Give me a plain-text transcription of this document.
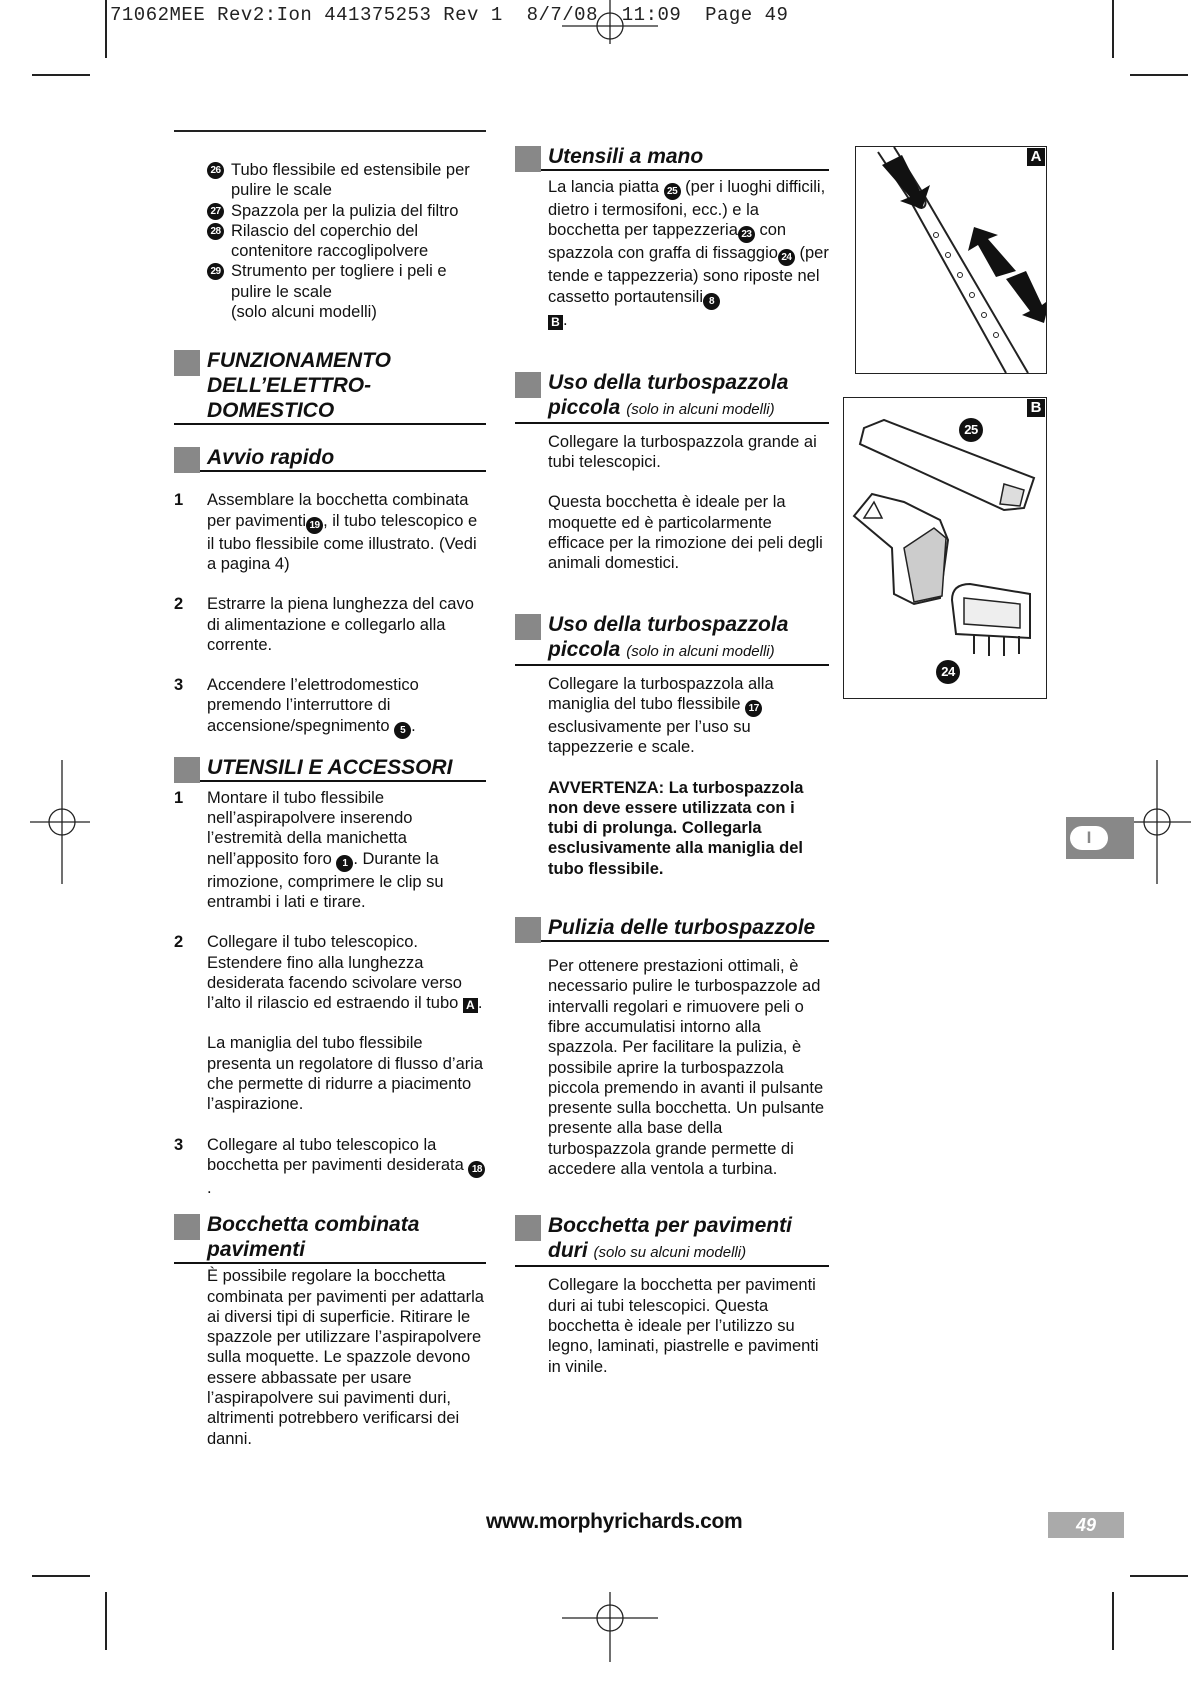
71062MEE Rev2:Ion 441375253 Rev 1  8/7/08  11:09  Page 49
26 Tubo flessibile ed estensibile per pulire le scale
27 Spazzola per la pulizia del filtro
28 Rilascio del coperchio del contenitore raccoglipolvere
29 Strumento per togliere i peli e pulire le scale
(solo alcuni modelli)
FUNZIONAMENTO
DELL’ELETTRO-
DOMESTICO
Avvio rapido
1 Assemblare la bocchetta combinata per pavimenti 19 , il tubo telescopico e il tubo flessibile come illustrato. (Vedi a pagina 4)
2 Estrarre la piena lunghezza del cavo di alimentazione e collegarlo alla corrente.
3 Accendere l’elettrodomestico premendo l’interruttore di accensione/spegnimento 5 .
UTENSILI E ACCESSORI
1 Montare il tubo flessibile nell’aspirapolvere inserendo l’estremità della manichetta nell’apposito foro 1 . Durante la rimozione, comprimere le clip su entrambi i lati e tirare.
2 Collegare il tubo telescopico. Estendere fino alla lunghezza desiderata facendo scivolare verso l’alto il rilascio ed estraendo il tubo A .
La maniglia del tubo flessibile presenta un regolatore di flusso d’aria che permette di ridurre a piacimento l’aspirazione.
3 Collegare al tubo telescopico la bocchetta per pavimenti desiderata 18.
Bocchetta combinata
pavimenti
È possibile regolare la bocchetta combinata per pavimenti per adattarla ai diversi tipi di superficie. Ritirare le spazzole per utilizzare l’aspirapolvere sulla moquette. Le spazzole devono essere abbassate per usare l’aspirapolvere sui pavimenti duri, altrimenti potrebbero verificarsi dei danni.
Utensili a mano
La lancia piatta 25 (per i luoghi difficili, dietro i termosifoni, ecc.) e la bocchetta per tappezzeria 23 con spazzola con graffa di fissaggio 24 (per tende e tappezzeria) sono riposte nel cassetto portautensili 8
B .
Uso della turbospazzola
piccola (solo in alcuni modelli)
Collegare la turbospazzola grande ai tubi telescopici.
Questa bocchetta è ideale per la moquette ed è particolarmente efficace per la rimozione dei peli degli animali domestici.
Uso della turbospazzola
piccola (solo in alcuni modelli)
Collegare la turbospazzola alla maniglia del tubo flessibile 17 esclusivamente per l’uso su tappezzerie e scale.
AVVERTENZA: La turbospazzola non deve essere utilizzata con i tubi di prolunga. Collegarla esclusivamente alla maniglia del tubo flessibile.
Pulizia delle turbospazzole
Per ottenere prestazioni ottimali, è necessario pulire le turbospazzole ad intervalli regolari e rimuovere peli o fibre accumulatisi intorno alla spazzola. Per facilitare la pulizia, è possibile aprire la turbospazzola piccola premendo in avanti il pulsante presente sulla bocchetta. Un pulsante presente alla base della turbospazzola grande permette di accedere alla ventola a turbina.
Bocchetta per pavimenti
duri (solo su alcuni modelli)
Collegare la bocchetta per pavimenti duri ai tubi telescopici. Questa bocchetta è ideale per l’utilizzo su legno, laminati, piastrelle e pavimenti in vinile.
A
B
25
24
I
www.morphyrichards.com	49
